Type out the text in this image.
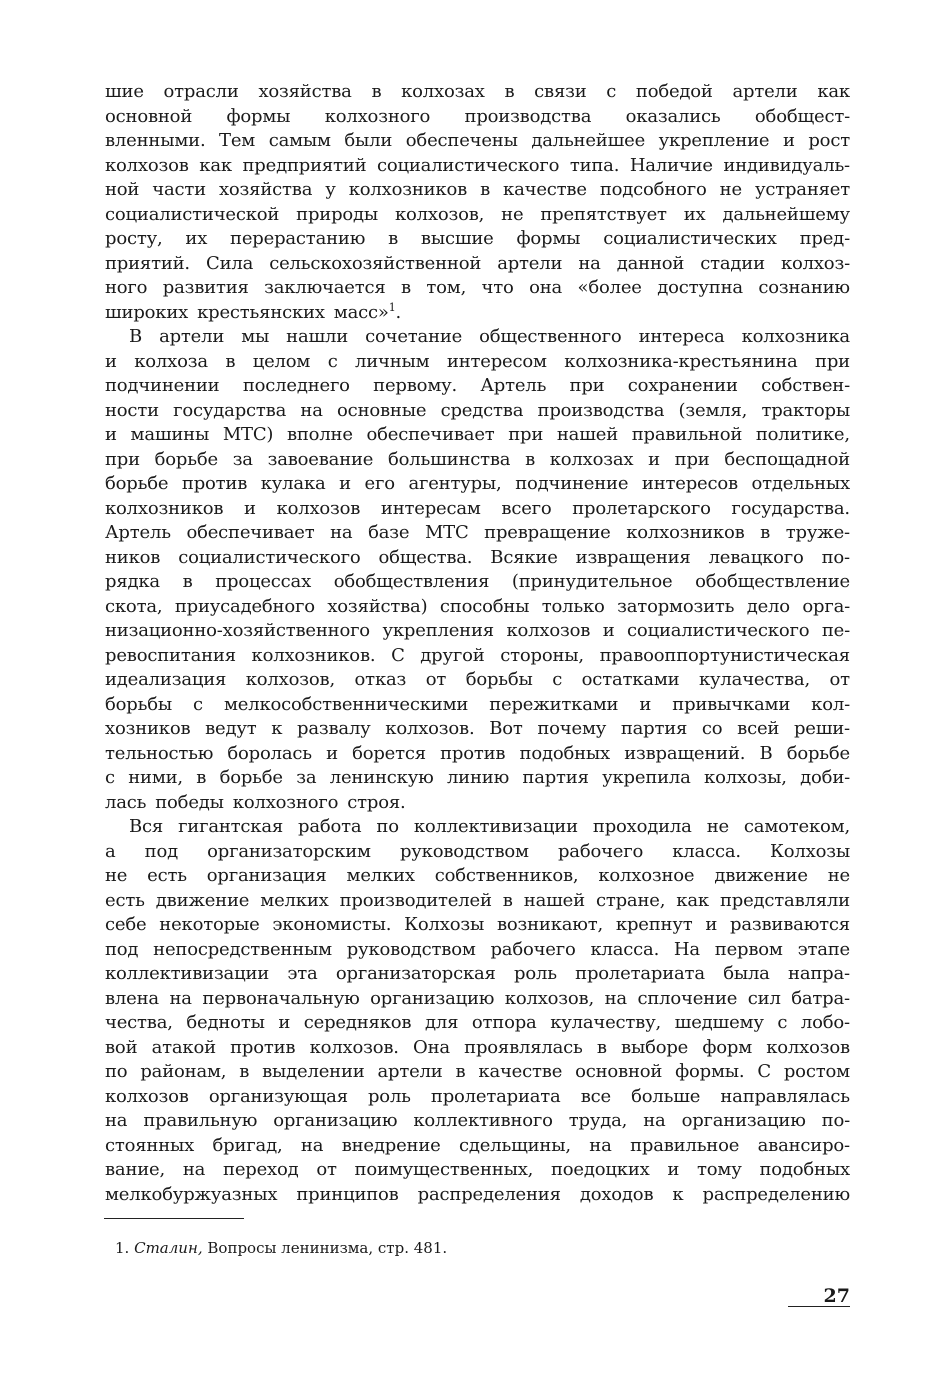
шие отрасли хозяйства в колхозах в связи с победой артели как
основной формы колхозного производства оказались обобщест-
вленными. Тем самым были обеспечены дальнейшее укрепление и рост
колхозов как предприятий социалистического типа. Наличие индивидуаль-
ной части хозяйства у колхозников в качестве подсобного не устраняет
социалистической природы колхозов, не препятствует их дальнейшему
росту, их перерастанию в высшие формы социалистических пред-
приятий. Сила сельскохозяйственной артели на данной стадии колхоз-
ного развития заключается в том, что она «более доступна сознанию
широких крестьянских масс»$^1$.
В артели мы нашли сочетание общественного интереса колхозника
и колхоза в целом с личным интересом колхозника-крестьянина при
подчинении последнего первому. Артель при сохранении собствен-
ности государства на основные средства производства (земля, тракторы
и машины МТС) вполне обеспечивает при нашей правильной политике,
при борьбе за завоевание большинства в колхозах и при беспощадной
борьбе против кулака и его агентуры, подчинение интересов отдельных
колхозников и колхозов интересам всего пролетарского государства.
Артель обеспечивает на базе МТС превращение колхозников в труже-
ников социалистического общества. Всякие извращения левацкого по-
рядка в процессах обобществления (принудительное обобществление
скота, приусадебного хозяйства) способны только затормозить дело орга-
низационно-хозяйственного укрепления колхозов и социалистического пе-
ревоспитания колхозников. С другой стороны, правооппортунистическая
идеализация колхозов, отказ от борьбы с остатками кулачества, от
борьбы с мелкособственническими пережитками и привычками кол-
хозников ведут к развалу колхозов. Вот почему партия со всей реши-
тельностью боролась и борется против подобных извращений. В борьбе
с ними, в борьбе за ленинскую линию партия укрепила колхозы, доби-
лась победы колхозного строя.
Вся гигантская работа по коллективизации проходила не самотеком,
а под организаторским руководством рабочего класса. Колхозы
не есть организация мелких собственников, колхозное движение не
есть движение мелких производителей в нашей стране, как представляли
себе некоторые экономисты. Колхозы возникают, крепнут и развиваются
под непосредственным руководством рабочего класса. На первом этапе
коллективизации эта организаторская роль пролетариата была напра-
влена на первоначальную организацию колхозов, на сплочение сил батра-
чества, бедноты и середняков для отпора кулачеству, шедшему с лобо-
вой атакой против колхозов. Она проявлялась в выборе форм колхозов
по районам, в выделении артели в качестве основной формы. С ростом
колхозов организующая роль пролетариата все больше направлялась
на правильную организацию коллективного труда, на организацию по-
стоянных бригад, на внедрение сдельщины, на правильное авансиро-
вание, на переход от поимущественных, поедоцких и тому подобных
мелкобуржуазных принципов распределения доходов к распределению
1. Сталин, Вопросы ленинизма, стр. 481.
27
